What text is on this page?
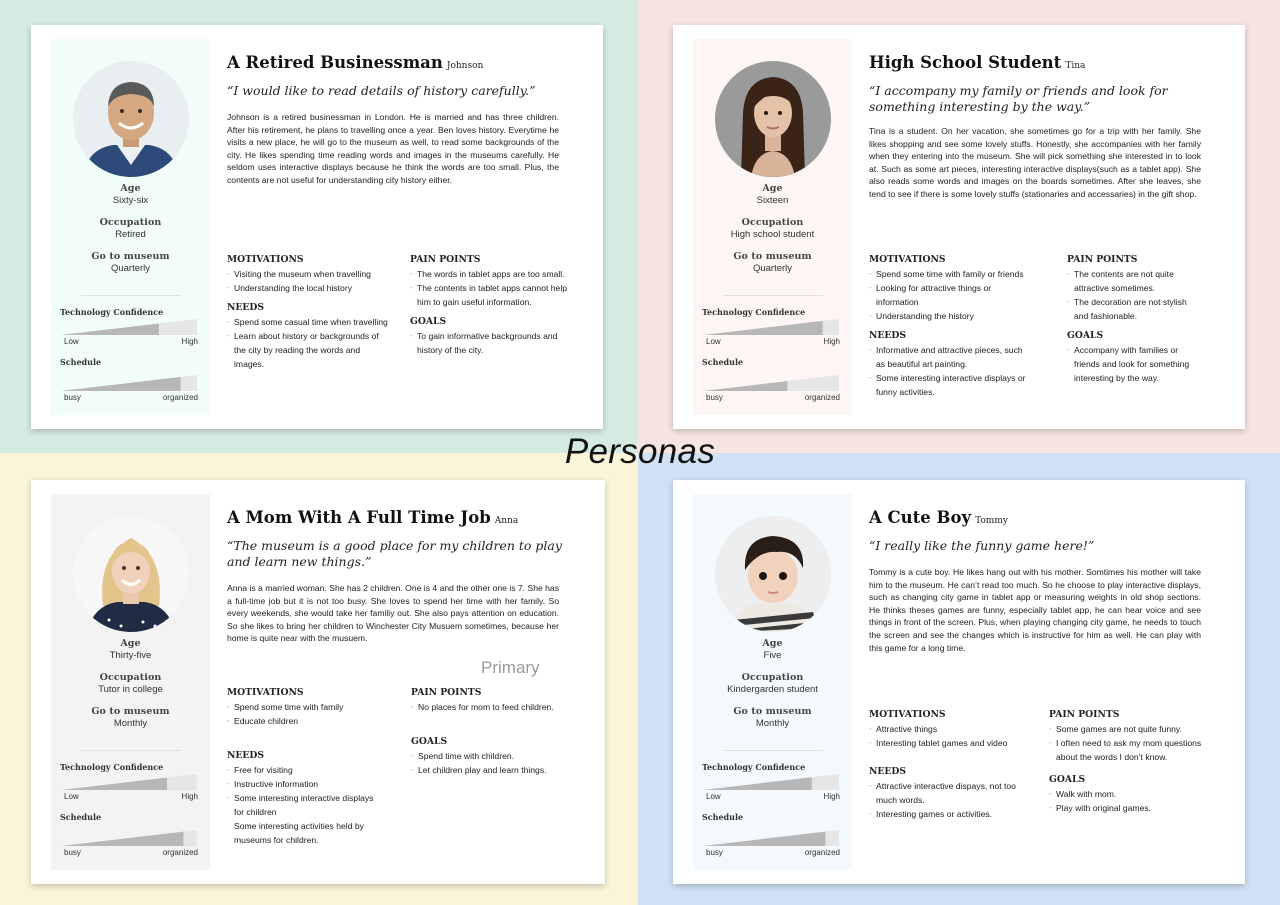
Age
Sixty-six
Occupation
Retired
Go to museum
Quarterly
Technology Confidence
Low	High
Schedule
busy	organized
A Retired Businessman Johnson
“I would like to read details of history carefully.”
Johnson is a retired businessman in London. He is married and has three children. After his retirement, he plans to travelling once a year. Ben loves history. Everytime he visits a new place, he will go to the museum as well, to read some backgrounds of the city. He likes spending time reading words and images in the museums carefully. He seldom uses interactive displays because he think the words are too small. Plus, the contents are not useful for understanding city history either.
MOTIVATIONS
- Visiting the museum when travelling
- Understanding the local history
NEEDS
- Spend some casual time when travelling
- Learn about history or backgrounds of the city by reading the words and images.
PAIN POINTS
- The words in tablet apps are too small.
- The contents in tablet apps cannot help him to gain useful information.
GOALS
- To gain informative backgrounds and history of the city.
Age
Sixteen
Occupation
High school student
Go to museum
Quarterly
Technology Confidence
Low	High
Schedule
busy	organized
High School Student Tina
“I accompany my family or friends and look for something interesting by the way.”
Tina is a student. On her vacation, she sometimes go for a trip with her family. She likes shopping and see some lovely stuffs. Honestly, she accompanies with her family when they entering into the museum. She will pick something she interested in to look at. Such as some art pieces, interesting interactive displays(such as a tablet app). She also reads some words and images on the boards sometimes. After she leaves, she tend to see if there is some lovely stuffs (stationaries and accessaries) in the gift shop.
MOTIVATIONS
- Spend some time with family or friends
- Looking for attractive things or information
- Understanding the history
NEEDS
- Informative and attractive pieces, such as beautiful art painting.
- Some interesting interactive displays or funny activities.
PAIN POINTS
- The contents are not quite attractive sometimes.
- The decoration are not stylish and fashionable.
GOALS
- Accompany with families or friends and look for something interesting by the way.
Age
Thirty-five
Occupation
Tutor in college
Go to museum
Monthly
Technology Confidence
Low	High
Schedule
busy	organized
A Mom With A Full Time Job Anna
“The museum is a good place for my children to play and learn new things.”
Anna is a married woman. She has 2 children. One is 4 and the other one is 7. She has a full-time job but it is not too busy. She loves to spend her time with her family. So every weekends, she would take her familiy out. She also pays attention on education. So she likes to bring her children to Winchester City Musuem sometimes, because her home is quite near with the musuem.
Primary
MOTIVATIONS
- Spend some time with family
- Educate children
NEEDS
- Free for visiting
- Instructive information
- Some interesting interactive displays
for children
Some interesting activities held by
museums for children.
PAIN POINTS
- No places for mom to feed children.
GOALS
- Spend time with children.
- Let children play and learn things.
Age
Five
Occupation
Kindergarden student
Go to museum
Monthly
Technology Confidence
Low	High
Schedule
busy	organized
A Cute Boy Tommy
“I really like the funny game here!”
Tommy is a cute boy. He likes hang out with his mother. Somtimes his mother will take him to the museum. He can’t read too much. So he choose to play interactive displays, such as changing city game in tablet app or measuring weights in old shop sections. He thinks theses games are funny, especially tablet app, he can hear voice and see things in front of the screen. Plus, when playing changing city game, he needs to touch the screen and see the changes which is instructive for him as well. He can play with this game for a long time.
MOTIVATIONS
- Attractive things
- Interesting tablet games and video
NEEDS
- Attractive interactive dispays, not too much words.
- Interesting games or activities.
PAIN POINTS
- Some games are not quite funny.
- I often need to ask my mom questions about the words I don’t know.
GOALS
- Walk with mom.
- Play with original games.
Personas
